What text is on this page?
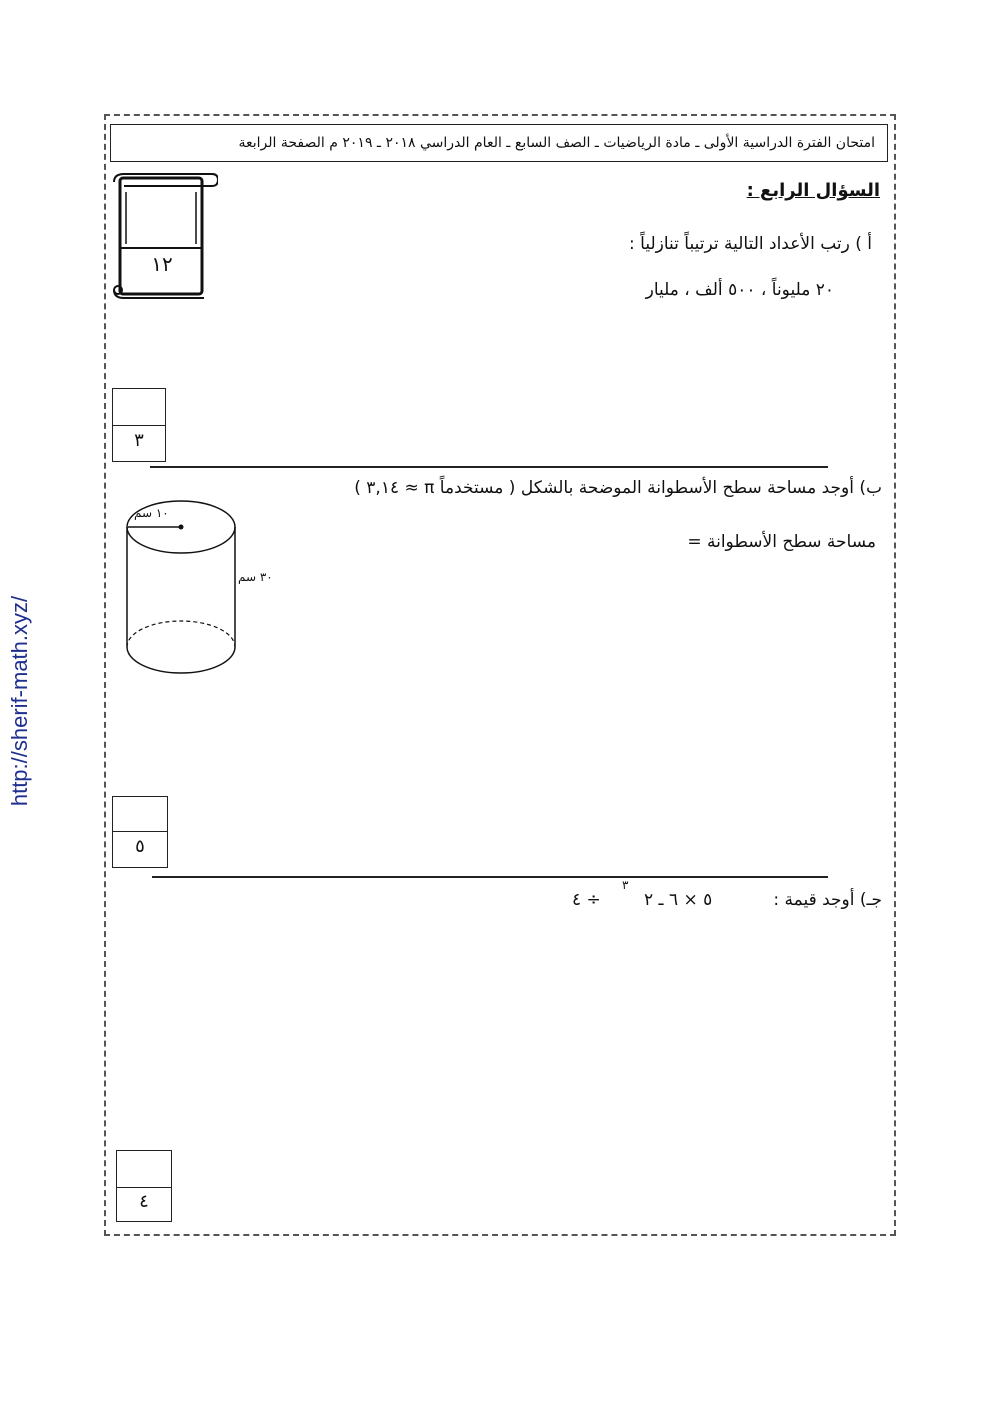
امتحان الفترة الدراسية الأولى ـ مادة الرياضيات ـ الصف السابع ـ العام الدراسي ٢٠١٨ ـ ٢٠١٩ م الصفحة الرابعة
http://sherif-math.xyz/
١٢
السؤال الرابع :
أ ) رتب الأعداد التالية ترتيباً تنازلياً :
٢٠ مليوناً ، ٥٠٠ ألف ، مليار
٣
ب) أوجد مساحة سطح الأسطوانة الموضحة بالشكل ( مستخدماً π ≈ ٣,١٤ )
مساحة سطح الأسطوانة =
١٠ سم
٣٠ سم
٥
جـ) أوجد قيمة :
٥ × ٦ ـ ٢
٣
÷ ٤
٤
